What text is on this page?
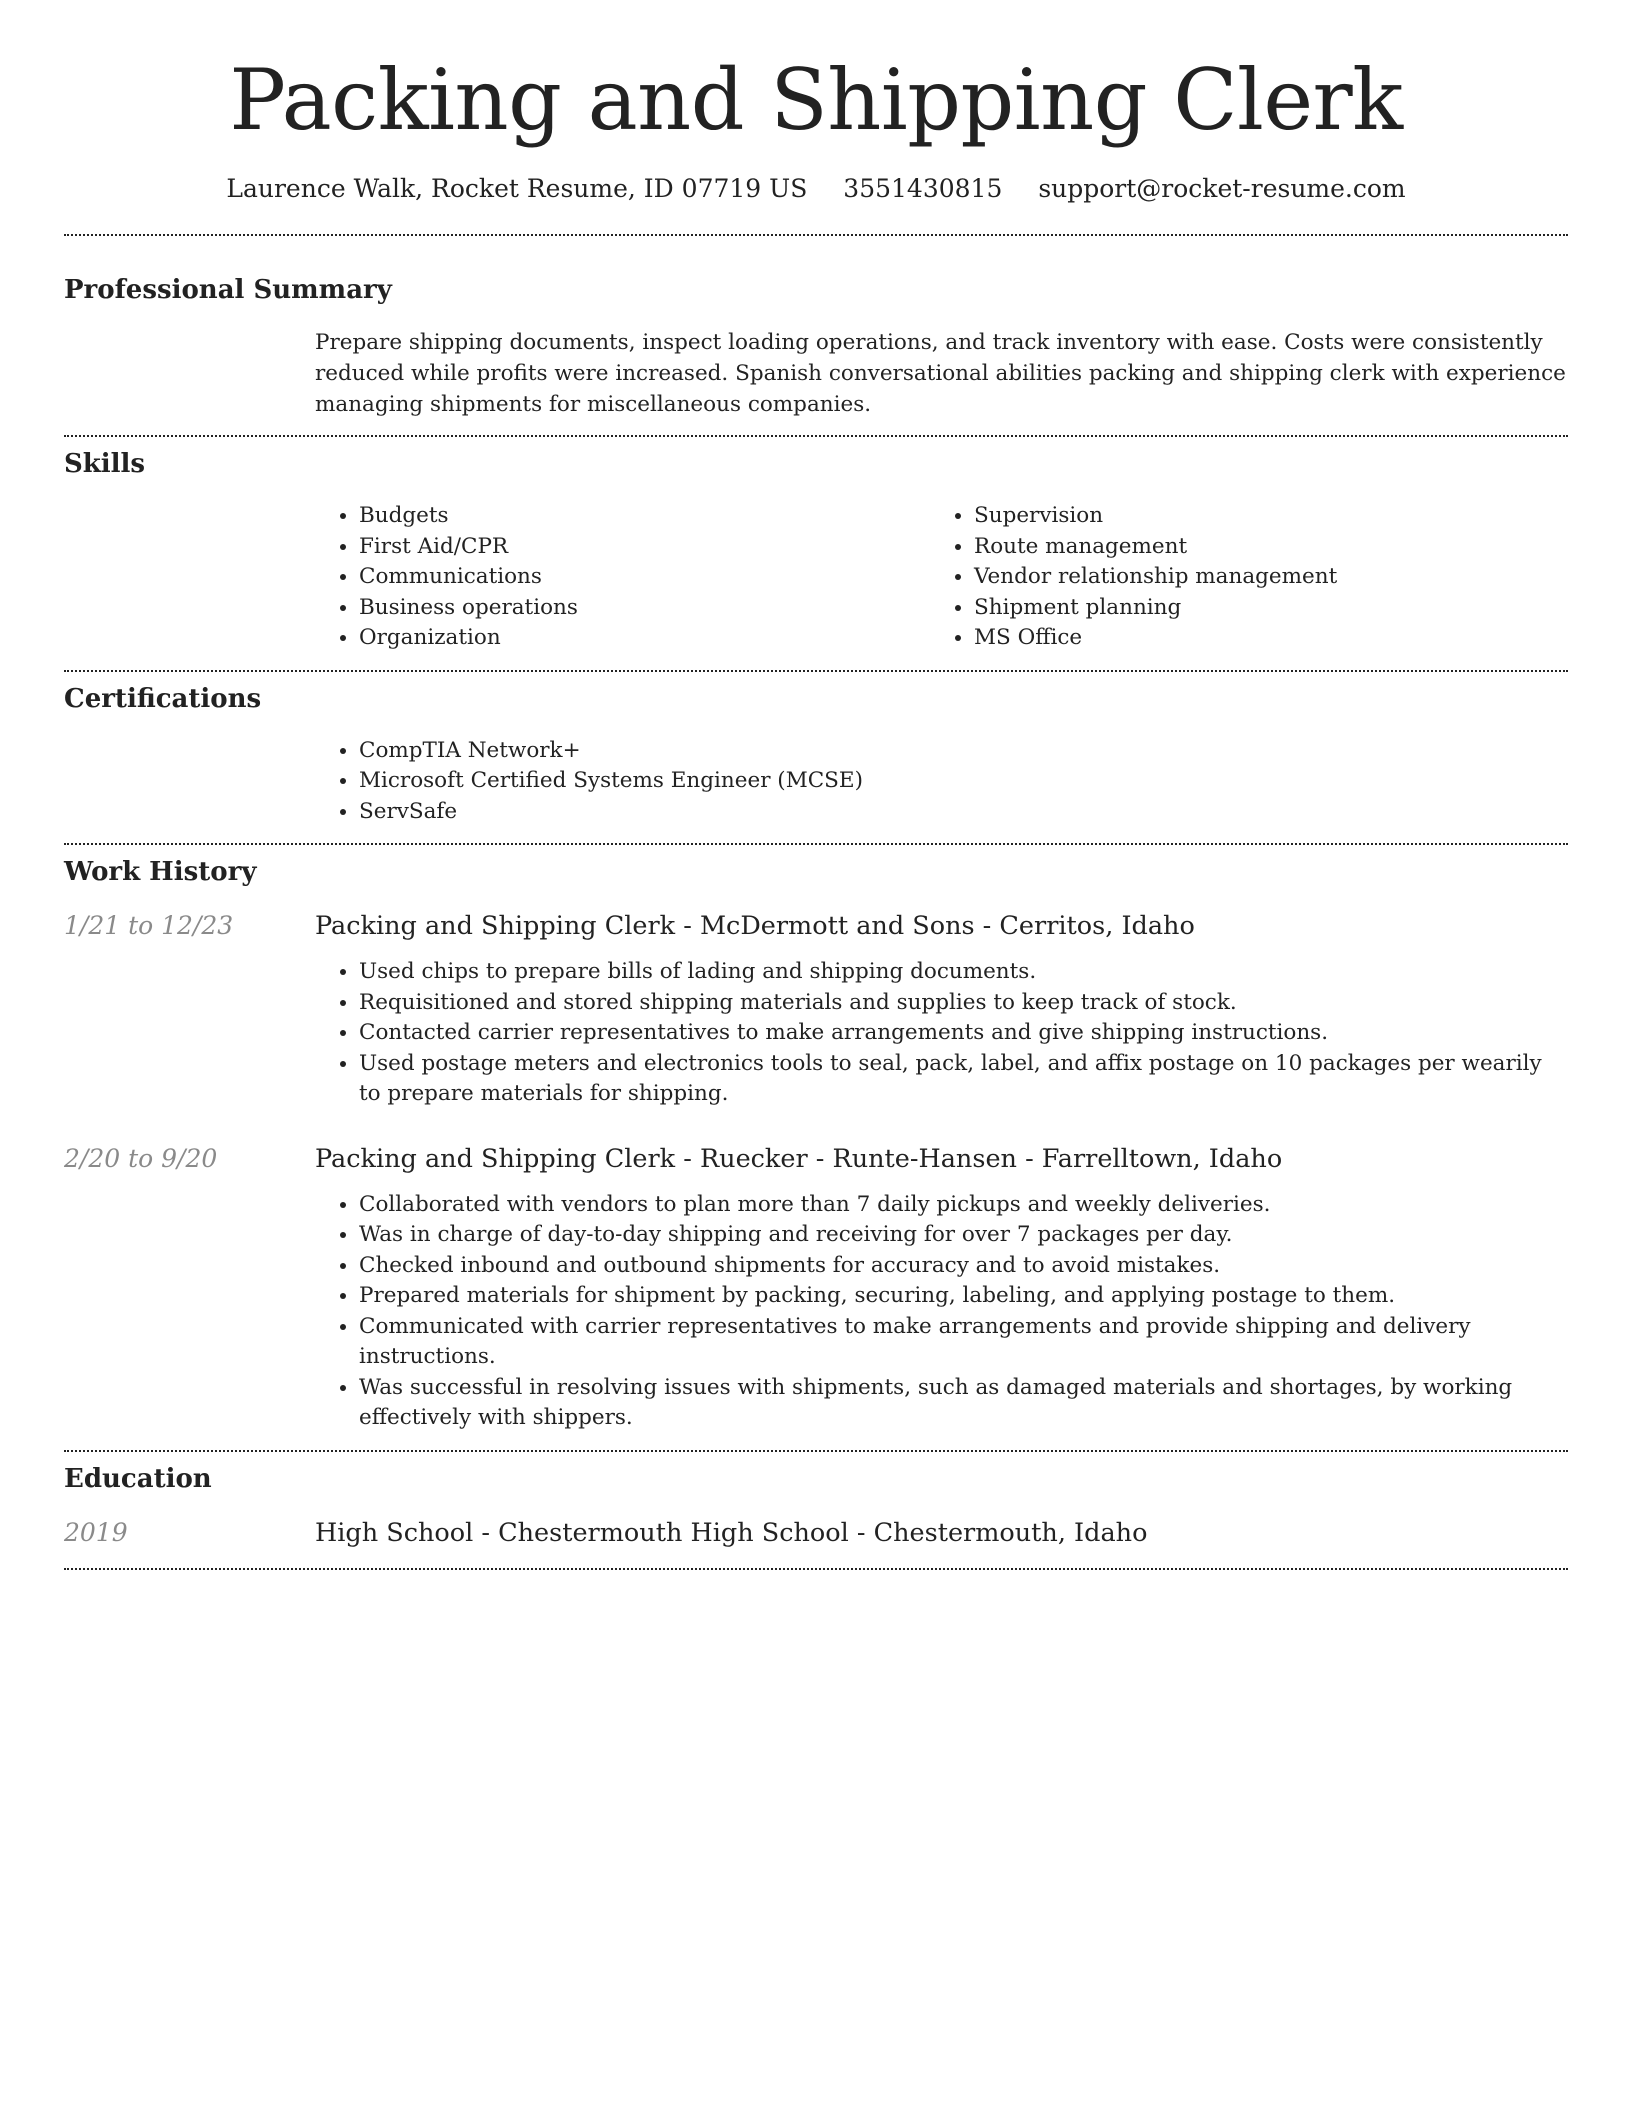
Packing and Shipping Clerk
Laurence Walk, Rocket Resume, ID 07719 US 3551430815 support@rocket-resume.com
Professional Summary

Prepare shipping documents, inspect loading operations, and track inventory with ease. Costs were consistently reduced while profits were increased. Spanish conversational abilities packing and shipping clerk with experience managing shipments for miscellaneous companies.

Skills
• Budgets
• First Aid/CPR
• Communications
• Business operations
• Organization
• Supervision
• Route management
• Vendor relationship management
• Shipment planning
• MS Office
Certifications
• CompTIA Network+
• Microsoft Certified Systems Engineer (MCSE)
• ServSafe
Work History
1/21 to 12/23	Packing and Shipping Clerk - McDermott and Sons - Cerritos, Idaho
• Used chips to prepare bills of lading and shipping documents.
• Requisitioned and stored shipping materials and supplies to keep track of stock.
• Contacted carrier representatives to make arrangements and give shipping instructions.
• Used postage meters and electronics tools to seal, pack, label, and affix postage on 10 packages per wearily to prepare materials for shipping.
2/20 to 9/20	Packing and Shipping Clerk - Ruecker - Runte-Hansen - Farrelltown, Idaho
• Collaborated with vendors to plan more than 7 daily pickups and weekly deliveries.
• Was in charge of day-to-day shipping and receiving for over 7 packages per day.
• Checked inbound and outbound shipments for accuracy and to avoid mistakes.
• Prepared materials for shipment by packing, securing, labeling, and applying postage to them.
• Communicated with carrier representatives to make arrangements and provide shipping and delivery instructions.
• Was successful in resolving issues with shipments, such as damaged materials and shortages, by working effectively with shippers.
Education
2019	High School - Chestermouth High School - Chestermouth, Idaho
